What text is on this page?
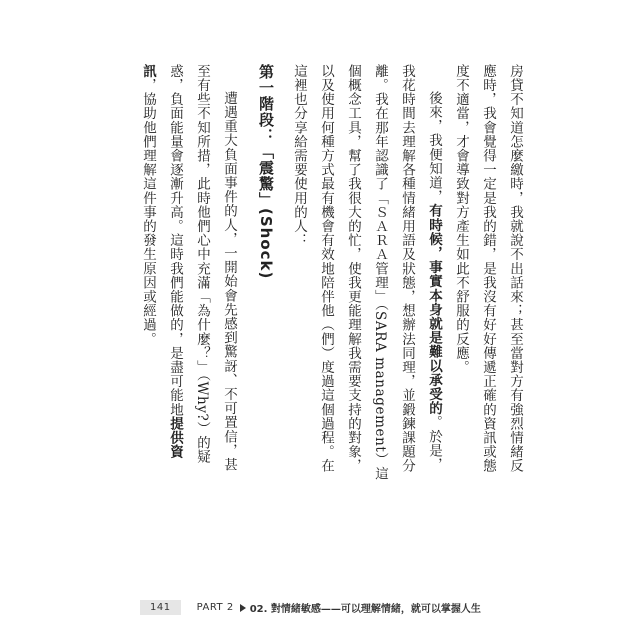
房貸不知道怎麼繳時，我就說不出話來；甚至當對方有強烈情緒反應時，我會覺得一定是我的錯，是我沒有好好傳遞正確的資訊或態度不適當，才會導致對方產生如此不舒服的反應。

後來，我便知道，有時候，事實本身就是難以承受的。於是，我花時間去理解各種情緒用語及狀態，想辦法同理，並鍛鍊課題分離。我在那年認識了「ＳＡＲＡ管理」（SARA management）這個概念工具，幫了我很大的忙，使我更能理解我需要支持的對象，以及使用何種方式最有機會有效地陪伴他（們）度過這個過程。在這裡也分享給需要使用的人：

第一階段：「震驚」(Shock)

遭遇重大負面事件的人，一開始會先感到驚訝、不可置信，甚至有些不知所措，此時他們心中充滿「為什麼？」（Why?）的疑惑，負面能量會逐漸升高。這時我們能做的，是盡可能地提供資訊，協助他們理解這件事的發生原因或經過。

141	PART 2 02. 對情緒敏感——可以理解情緒，就可以掌握人生
